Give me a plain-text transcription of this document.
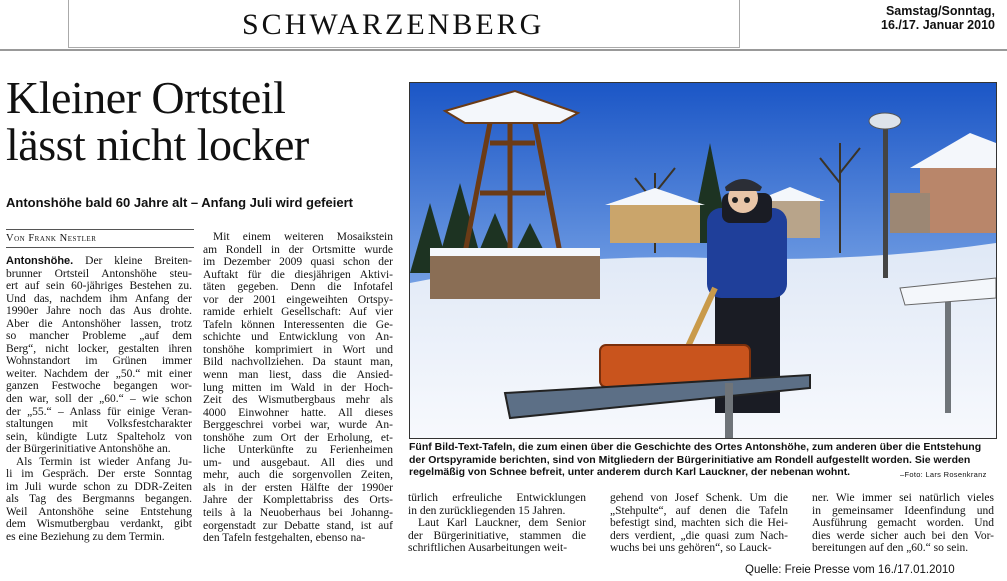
SCHWARZENBERG	Samstag/Sonntag,
16./17. Januar 2010
Kleiner Ortsteil
lässt nicht locker
Antonshöhe bald 60 Jahre alt – Anfang Juli wird gefeiert
Von Frank Nestler
Antonshöhe. Der kleine Breiten-
brunner Ortsteil Antonshöhe steu-
ert auf sein 60-jähriges Bestehen zu.
Und das, nachdem ihm Anfang der
1990er Jahre noch das Aus drohte.
Aber die Antonshöher lassen, trotz
so mancher Probleme „auf dem
Berg“, nicht locker, gestalten ihren
Wohnstandort im Grünen immer
weiter. Nachdem der „50.“ mit einer
ganzen Festwoche begangen wor-
den war, soll der „60.“ – wie schon
der „55.“ – Anlass für einige Veran-
staltungen mit Volksfestcharakter
sein, kündigte Lutz Spalteholz von
der Bürgerinitiative Antonshöhe an.
Als Termin ist wieder Anfang Ju-
li im Gespräch. Der erste Sonntag
im Juli wurde schon zu DDR-Zeiten
als Tag des Bergmanns begangen.
Weil Antonshöhe seine Entstehung
dem Wismutbergbau verdankt, gibt
es eine Beziehung zu dem Termin.
Mit einem weiteren Mosaikstein
am Rondell in der Ortsmitte wurde
im Dezember 2009 quasi schon der
Auftakt für die diesjährigen Aktivi-
täten gegeben. Denn die Infotafel
vor der 2001 eingeweihten Ortspy-
ramide erhielt Gesellschaft: Auf vier
Tafeln können Interessenten die Ge-
schichte und Entwicklung von An-
tonshöhe komprimiert in Wort und
Bild nachvollziehen. Da staunt man,
wenn man liest, dass die Ansied-
lung mitten im Wald in der Hoch-
Zeit des Wismutbergbaus mehr als
4000 Einwohner hatte. All dieses
Berggeschrei vorbei war, wurde An-
tonshöhe zum Ort der Erholung, et-
liche Unterkünfte zu Ferienheimen
um- und ausgebaut. All dies und
mehr, auch die sorgenvollen Zeiten,
als in der ersten Hälfte der 1990er
Jahre der Komplettabriss des Orts-
teils à la Neuoberhaus bei Johanng-
eorgenstadt zur Debatte stand, ist auf
den Tafeln festgehalten, ebenso na-
türlich erfreuliche Entwicklungen
in den zurückliegenden 15 Jahren.
Laut Karl Lauckner, dem Senior
der Bürgerinitiative, stammen die
schriftlichen Ausarbeitungen weit-
gehend von Josef Schenk. Um die
„Stehpulte“, auf denen die Tafeln
befestigt sind, machten sich die Hei-
ders verdient, „die quasi zum Nach-
wuchs bei uns gehören“, so Lauck-
ner. Wie immer sei natürlich vieles
in gemeinsamer Ideenfindung und
Ausführung gemacht worden. Und
dies werde sicher auch bei den Vor-
bereitungen auf den „60.“ so sein.
Fünf Bild-Text-Tafeln, die zum einen über die Geschichte des Ortes Antonshöhe, zum anderen über die Entstehung
der Ortspyramide berichten, sind von Mitgliedern der Bürgerinitiative am Rondell aufgestellt worden. Sie werden
regelmäßig von Schnee befreit, unter anderem durch Karl Lauckner, der nebenan wohnt.	–Foto: Lars Rosenkranz
Quelle: Freie Presse vom 16./17.01.2010
